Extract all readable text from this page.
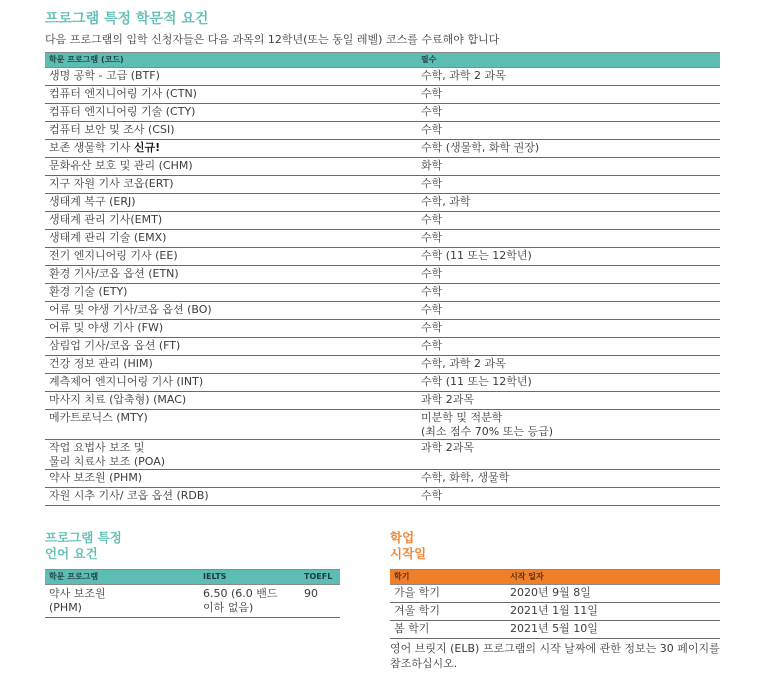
프로그램 특정 학문적 요건
다음 프로그램의 입학 신청자들은 다음 과목의 12학년(또는 동일 레벨) 코스를 수료해야 합니다
학문 프로그램 (코드)	필수
생명 공학 - 고급 (BTF)	수학, 과학 2 과목
컴퓨터 엔지니어링 기사 (CTN)	수학
컴퓨터 엔지니어링 기술 (CTY)	수학
컴퓨터 보안 및 조사 (CSI)	수학
보존 생물학 기사 신규!	수학 (생물학, 화학 권장)
문화유산 보호 및 관리 (CHM)	화학
지구 자원 기사 코옵(ERT)	수학
생태계 복구 (ERJ)	수학, 과학
생태계 관리 기사(EMT)	수학
생태계 관리 기술 (EMX)	수학
전기 엔지니어링 기사 (EE)	수학 (11 또는 12학년)
환경 기사/코옵 옵션 (ETN)	수학
환경 기술 (ETY)	수학
어류 및 야생 기사/코옵 옵션 (BO)	수학
어류 및 야생 기사 (FW)	수학
삼림업 기사/코옵 옵션 (FT)	수학
건강 정보 관리 (HIM)	수학, 과학 2 과목
계측제어 엔지니어링 기사 (INT)	수학 (11 또는 12학년)
마사지 치료 (압축형) (MAC)	과학 2과목
메카트로닉스 (MTY)	미분학 및 적분학
(최소 점수 70% 또는 등급)
작업 요법사 보조 및
물리 치료사 보조 (POA)	과학 2과목
약사 보조원 (PHM)	수학, 화학, 생물학
자원 시추 기사/ 코옵 옵션 (RDB)	수학
프로그램 특정
언어 요건
학문 프로그램	IELTS	TOEFL
약사 보조원
(PHM)	6.50 (6.0 밴드
이하 없음)	90
학업
시작일
학기	시작 일자
가을 학기	2020년 9월 8일
겨울 학기	2021년 1월 11일
봄 학기	2021년 5월 10일
영어 브릿지 (ELB) 프로그램의 시작 날짜에 관한 정보는 30 페이지를 참조하십시오.
